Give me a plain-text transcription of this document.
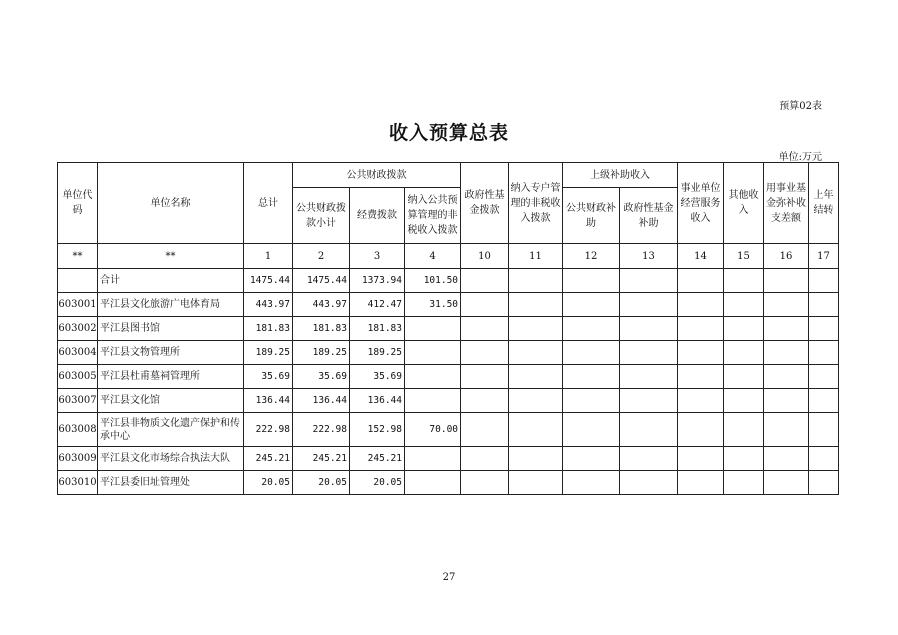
预算02表
收入预算总表
单位:万元
单位代码	单位名称	总计	公共财政拨款			政府性基金拨款	纳入专户管理的非税收入拨款	上级补助收入		事业单位经营服务收入	其他收入	用事业基金弥补收支差额	上年结转
			公共财政拨款小计	经费拨款	纳入公共预算管理的非税收入拨款			公共财政补助	政府性基金补助				
**	**	1	2	3	4	10	11	12	13	14	15	16	17
	合计	1475.44	1475.44	1373.94	101.50								
603001	平江县文化旅游广电体育局	443.97	443.97	412.47	31.50								
603002	平江县图书馆	181.83	181.83	181.83									
603004	平江县文物管理所	189.25	189.25	189.25									
603005	平江县杜甫墓祠管理所	35.69	35.69	35.69									
603007	平江县文化馆	136.44	136.44	136.44									
603008	平江县非物质文化遗产保护和传承中心	222.98	222.98	152.98	70.00								
603009	平江县文化市场综合执法大队	245.21	245.21	245.21									
603010	平江县委旧址管理处	20.05	20.05	20.05									
27
